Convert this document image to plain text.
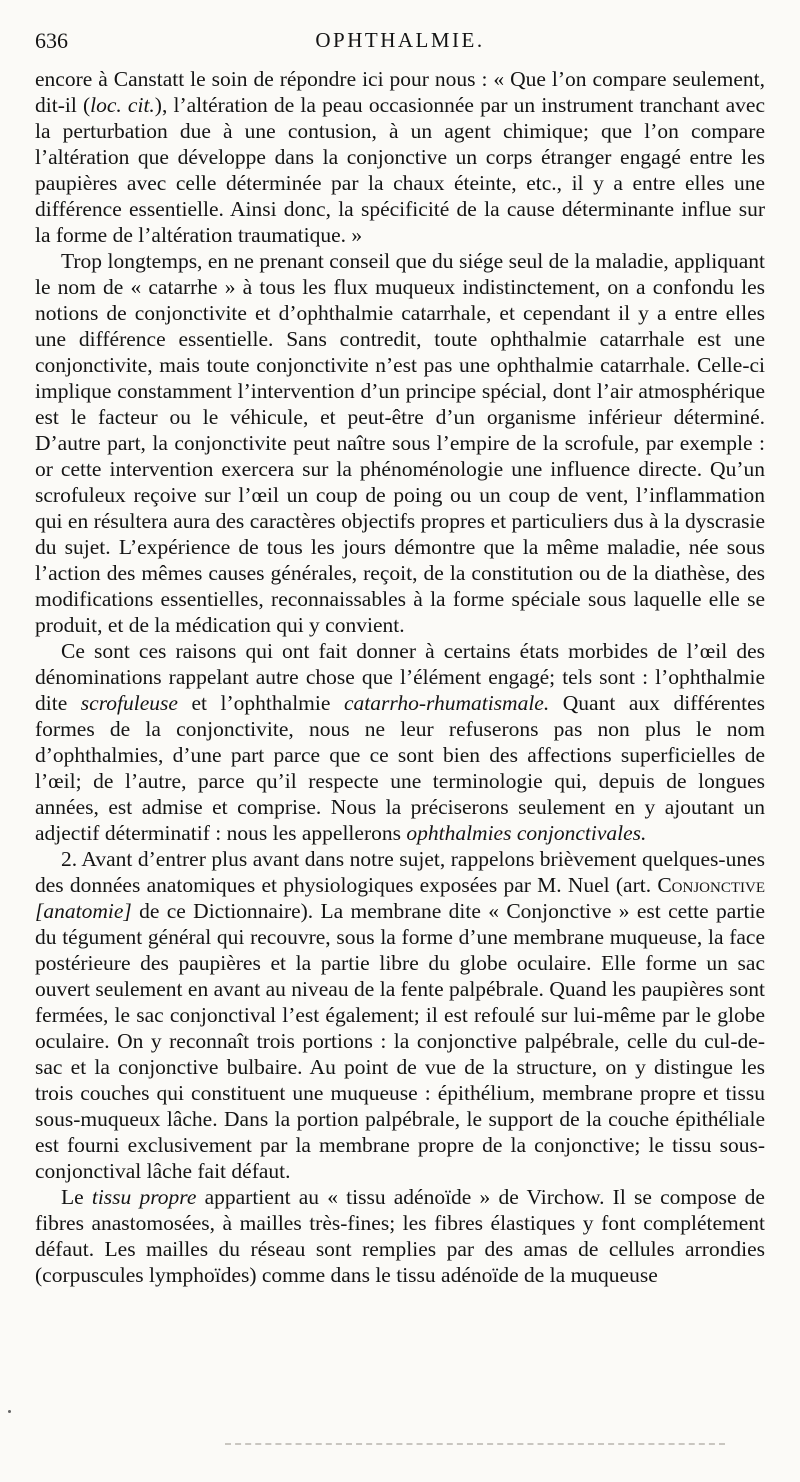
636	OPHTHALMIE.

encore à Canstatt le soin de répondre ici pour nous : « Que l’on compare seulement, dit-il (loc. cit.), l’altération de la peau occasionnée par un instrument tranchant avec la perturbation due à une contusion, à un agent chimique; que l’on compare l’altération que développe dans la conjonctive un corps étranger engagé entre les paupières avec celle déterminée par la chaux éteinte, etc., il y a entre elles une différence essentielle. Ainsi donc, la spécificité de la cause déterminante influe sur la forme de l’altération traumatique. »

Trop longtemps, en ne prenant conseil que du siége seul de la maladie, appliquant le nom de « catarrhe » à tous les flux muqueux indistinctement, on a confondu les notions de conjonctivite et d’ophthalmie catarrhale, et cependant il y a entre elles une différence essentielle. Sans contredit, toute ophthalmie catarrhale est une conjonctivite, mais toute conjonctivite n’est pas une ophthalmie catarrhale. Celle-ci implique constamment l’intervention d’un principe spécial, dont l’air atmosphérique est le facteur ou le véhicule, et peut-être d’un organisme inférieur déterminé. D’autre part, la conjonctivite peut naître sous l’empire de la scrofule, par exemple : or cette intervention exercera sur la phénoménologie une influence directe. Qu’un scrofuleux reçoive sur l’œil un coup de poing ou un coup de vent, l’inflammation qui en résultera aura des caractères objectifs propres et particuliers dus à la dyscrasie du sujet. L’expérience de tous les jours démontre que la même maladie, née sous l’action des mêmes causes générales, reçoit, de la constitution ou de la diathèse, des modifications essentielles, reconnaissables à la forme spéciale sous laquelle elle se produit, et de la médication qui y convient.

Ce sont ces raisons qui ont fait donner à certains états morbides de l’œil des dénominations rappelant autre chose que l’élément engagé; tels sont : l’ophthalmie dite scrofuleuse et l’ophthalmie catarrho-rhumatismale. Quant aux différentes formes de la conjonctivite, nous ne leur refuserons pas non plus le nom d’ophthalmies, d’une part parce que ce sont bien des affections superficielles de l’œil; de l’autre, parce qu’il respecte une terminologie qui, depuis de longues années, est admise et comprise. Nous la préciserons seulement en y ajoutant un adjectif déterminatif : nous les appellerons ophthalmies conjonctivales.

2. Avant d’entrer plus avant dans notre sujet, rappelons brièvement quelques-unes des données anatomiques et physiologiques exposées par M. Nuel (art. Conjonctive [anatomie] de ce Dictionnaire). La membrane dite « Conjonctive » est cette partie du tégument général qui recouvre, sous la forme d’une membrane muqueuse, la face postérieure des paupières et la partie libre du globe oculaire. Elle forme un sac ouvert seulement en avant au niveau de la fente palpébrale. Quand les paupières sont fermées, le sac conjonctival l’est également; il est refoulé sur lui-même par le globe oculaire. On y reconnaît trois portions : la conjonctive palpébrale, celle du cul-de-sac et la conjonctive bulbaire. Au point de vue de la structure, on y distingue les trois couches qui constituent une muqueuse : épithélium, membrane propre et tissu sous-muqueux lâche. Dans la portion palpébrale, le support de la couche épithéliale est fourni exclusivement par la membrane propre de la conjonctive; le tissu sous-conjonctival lâche fait défaut.

Le tissu propre appartient au « tissu adénoïde » de Virchow. Il se compose de fibres anastomosées, à mailles très-fines; les fibres élastiques y font complétement défaut. Les mailles du réseau sont remplies par des amas de cellules arrondies (corpuscules lymphoïdes) comme dans le tissu adénoïde de la muqueuse
